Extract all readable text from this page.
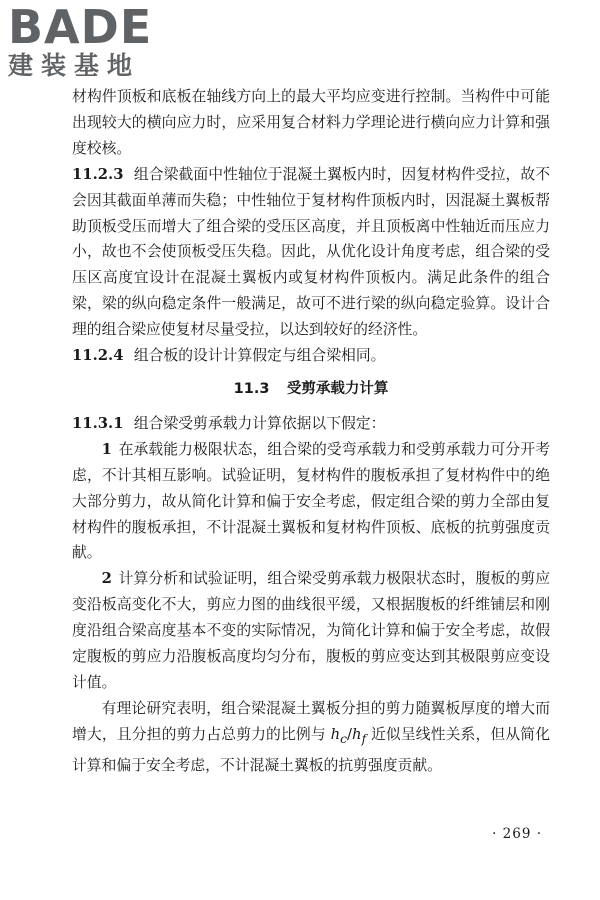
BADE
建装基地

材构件顶板和底板在轴线方向上的最大平均应变进行控制。当构件中可能出现较大的横向应力时，应采用复合材料力学理论进行横向应力计算和强度校核。

11.2.3 组合梁截面中性轴位于混凝土翼板内时，因复材构件受拉，故不会因其截面单薄而失稳；中性轴位于复材构件顶板内时，因混凝土翼板帮助顶板受压而增大了组合梁的受压区高度，并且顶板离中性轴近而压应力小，故也不会使顶板受压失稳。因此，从优化设计角度考虑，组合梁的受压区高度宜设计在混凝土翼板内或复材构件顶板内。满足此条件的组合梁，梁的纵向稳定条件一般满足，故可不进行梁的纵向稳定验算。设计合理的组合梁应使复材尽量受拉，以达到较好的经济性。

11.2.4 组合板的设计计算假定与组合梁相同。

11.3 受剪承载力计算

11.3.1 组合梁受剪承载力计算依据以下假定：

1 在承载能力极限状态，组合梁的受弯承载力和受剪承载力可分开考虑，不计其相互影响。试验证明，复材构件的腹板承担了复材构件中的绝大部分剪力，故从简化计算和偏于安全考虑，假定组合梁的剪力全部由复材构件的腹板承担，不计混凝土翼板和复材构件顶板、底板的抗剪强度贡献。

2 计算分析和试验证明，组合梁受剪承载力极限状态时，腹板的剪应变沿板高变化不大，剪应力图的曲线很平缓，又根据腹板的纤维铺层和刚度沿组合梁高度基本不变的实际情况，为简化计算和偏于安全考虑，故假定腹板的剪应力沿腹板高度均匀分布，腹板的剪应变达到其极限剪应变设计值。

有理论研究表明，组合梁混凝土翼板分担的剪力随翼板厚度的增大而增大，且分担的剪力占总剪力的比例与 $h_c/h_f$ 近似呈线性关系，但从简化计算和偏于安全考虑，不计混凝土翼板的抗剪强度贡献。

· 269 ·
